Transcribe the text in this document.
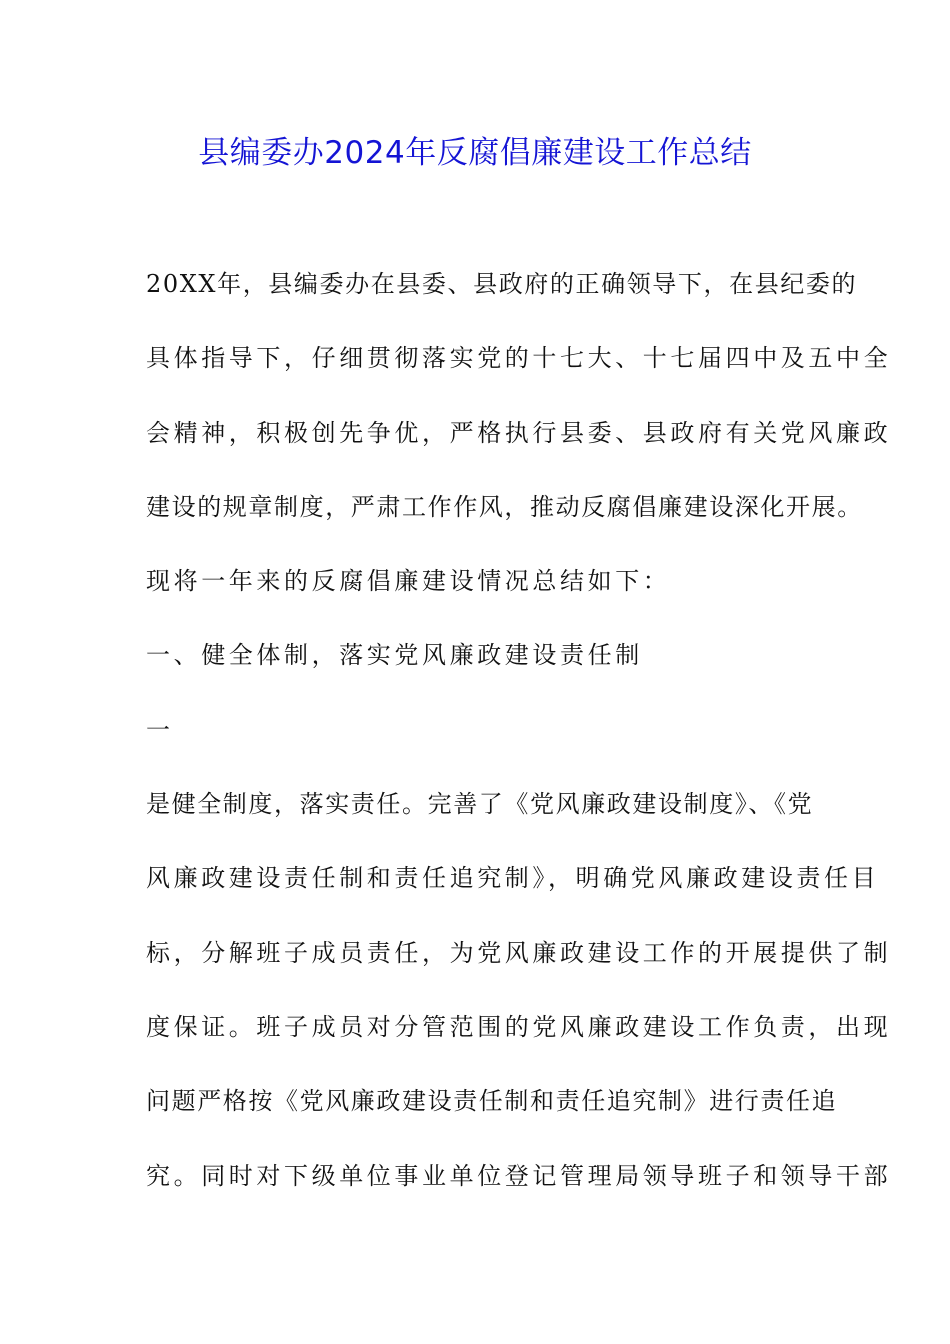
县编委办2024年反腐倡廉建设工作总结
20XX年，县编委办在县委、县政府的正确领导下，在县纪委的
具体指导下，仔细贯彻落实党的十七大、十七届四中及五中全
会精神，积极创先争优，严格执行县委、县政府有关党风廉政
建设的规章制度，严肃工作作风，推动反腐倡廉建设深化开展。
现将一年来的反腐倡廉建设情况总结如下：
一、健全体制，落实党风廉政建设责任制
一
是健全制度，落实责任。完善了《党风廉政建设制度》、《党
风廉政建设责任制和责任追究制》，明确党风廉政建设责任目
标，分解班子成员责任，为党风廉政建设工作的开展提供了制
度保证。班子成员对分管范围的党风廉政建设工作负责，出现
问题严格按《党风廉政建设责任制和责任追究制》进行责任追
究。同时对下级单位事业单位登记管理局领导班子和领导干部
